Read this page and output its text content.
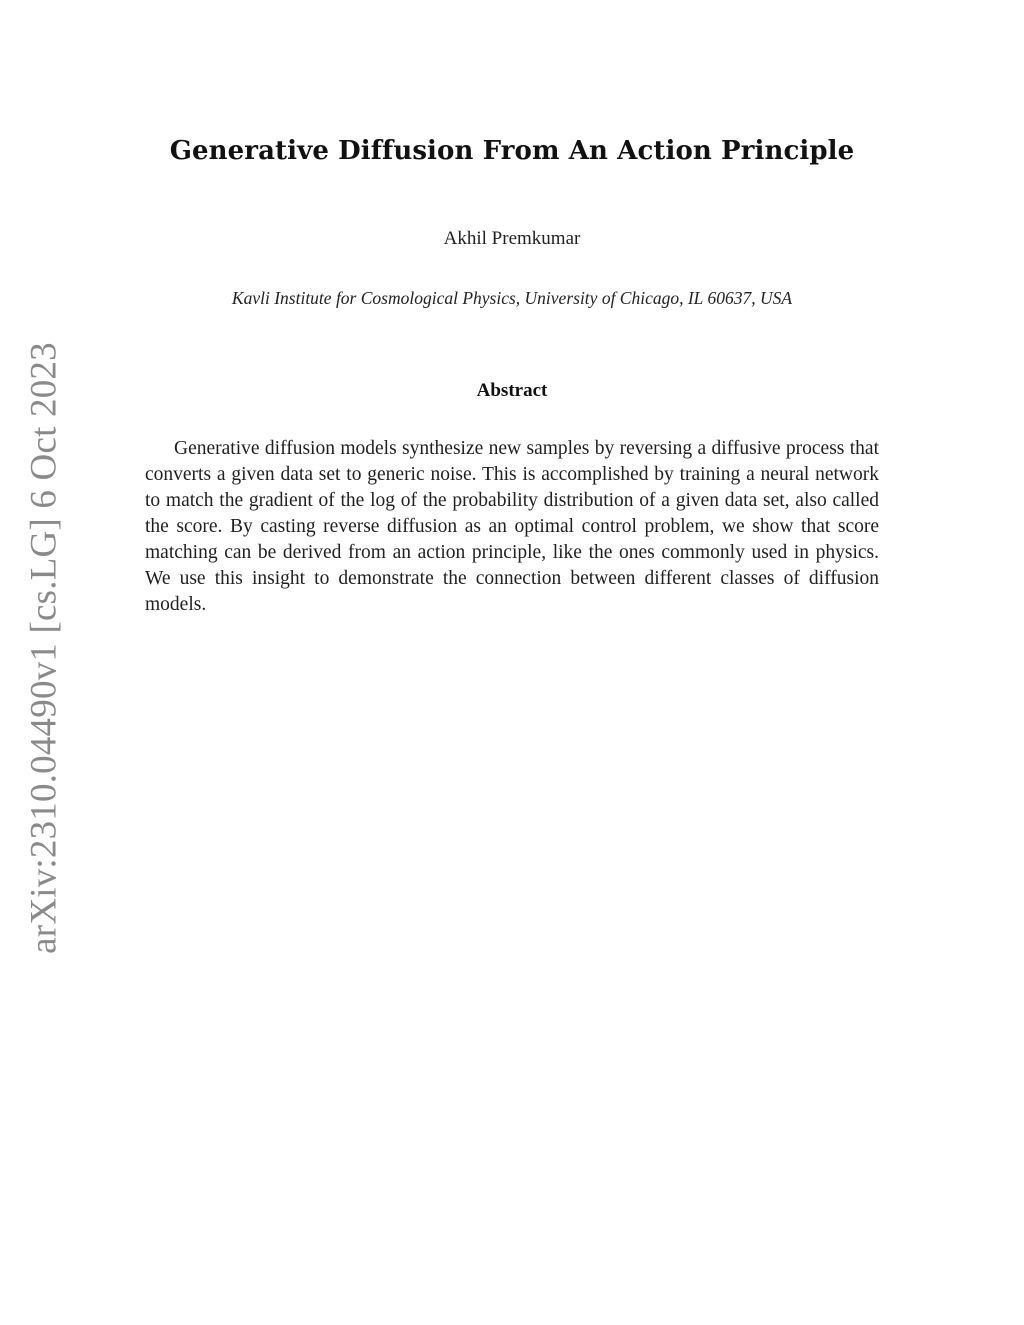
arXiv:2310.04490v1 [cs.LG] 6 Oct 2023
Generative Diffusion From An Action Principle
Akhil Premkumar
Kavli Institute for Cosmological Physics, University of Chicago, IL 60637, USA
Abstract

Generative diffusion models synthesize new samples by reversing a diffusive process that converts a given data set to generic noise. This is accomplished by training a neural network to match the gradient of the log of the probability distribution of a given data set, also called the score. By casting reverse diffusion as an optimal control problem, we show that score matching can be derived from an action principle, like the ones commonly used in physics. We use this insight to demonstrate the connection between different classes of diffusion models.
